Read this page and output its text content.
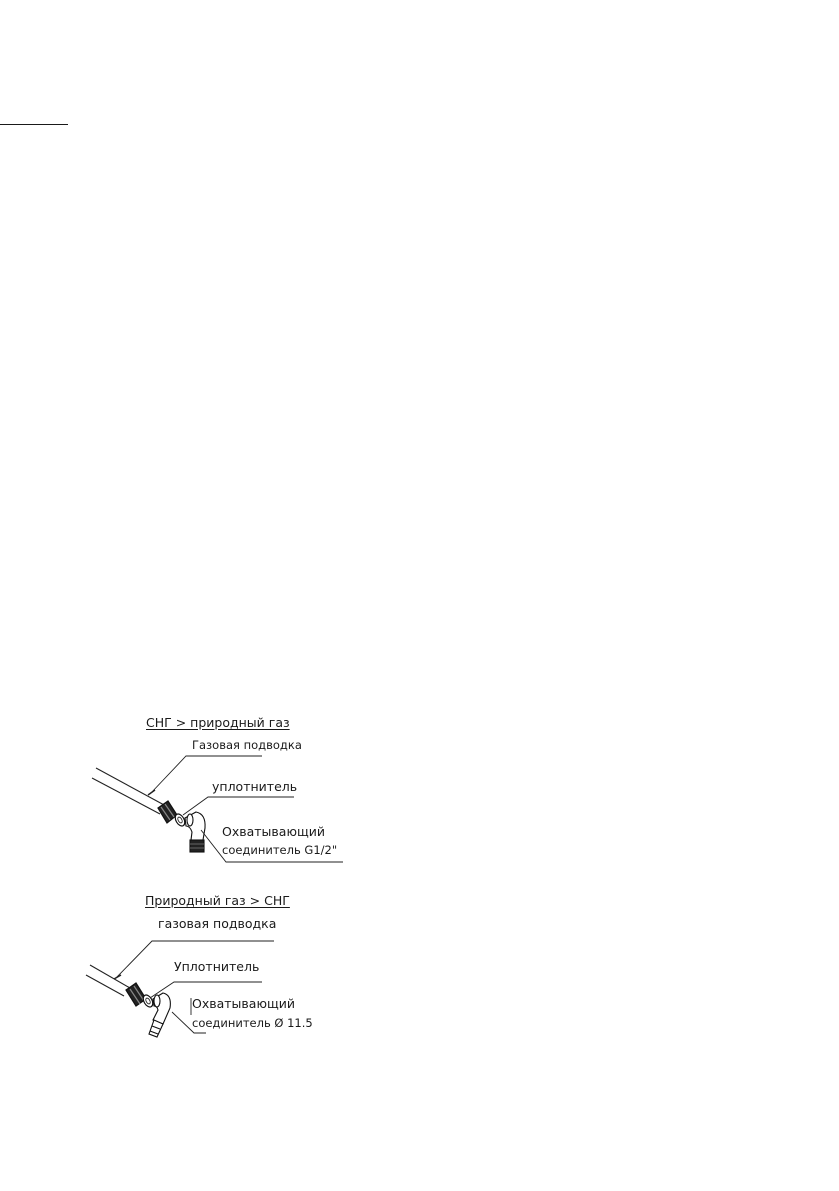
СНГ > природный газ
Газовая подводка
уплотнитель
Охватывающий
соединитель G1/2"
Природный газ > СНГ
газовая подводка
Уплотнитель
Охватывающий
соединитель Ø 11.5
